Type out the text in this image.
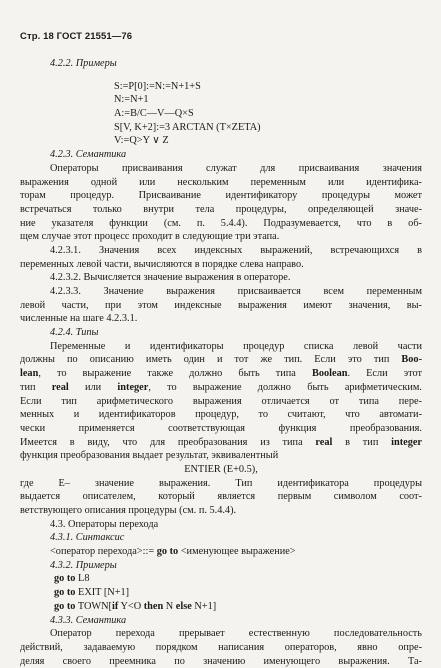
Стр. 18 ГОСТ 21551—76
4.2.2. Примеры
S:=P[0]:=N:=N+1+S
N:=N+1
A:=B/C—V—Q×S
S[V, K+2]:=3 ARCTAN (T×ZETA)
V:=Q>Y ∨ Z
4.2.3. Семантика
Операторы присваивания служат для присваивания значения
выражения одной или нескольким переменным или идентифика-
торам процедур. Присваивание идентификатору процедуры может
встречаться только внутри тела процедуры, определяющей значе-
ние указателя функции (см. п. 5.4.4). Подразумевается, что в об-
щем случае этот процесс проходит в следующие три этапа.
4.2.3.1. Значения всех индексных выражений, встречающихся в
переменных левой части, вычисляются в порядке слева направо.
4.2.3.2. Вычисляется значение выражения в операторе.
4.2.3.3. Значение выражения присваивается всем переменным
левой части, при этом индексные выражения имеют значения, вы-
численные на шаге 4.2.3.1.
4.2.4. Типы
Переменные и идентификаторы процедур списка левой части
должны по описанию иметь один и тот же тип. Если это тип Boo-
lean, то выражение также должно быть типа Boolean. Если этот
тип real или integer, то выражение должно быть арифметическим.
Если тип арифметического выражения отличается от типа пере-
менных и идентификаторов процедур, то считают, что автомати-
чески применяется соответствующая функция преобразования.
Имеется в виду, что для преобразования из типа real в тип integer
функция преобразования выдает результат, эквивалентный
ENTIER (E+0.5),
где E– значение выражения. Тип идентификатора процедуры
выдается описателем, который является первым символом соот-
ветствующего описания процедуры (см. п. 5.4.4).
4.3. Операторы перехода
4.3.1. Синтаксис
<оператор перехода>::= go to <именующее выражение>
4.3.2. Примеры
go to L8
go to EXIT [N+1]
go to TOWN[if Y<O then N else N+1]
4.3.3. Семантика
Оператор перехода прерывает естественную последовательность
действий, задаваемую порядком написания операторов, явно опре-
деляя своего преемника по значению именующего выражения. Та-
